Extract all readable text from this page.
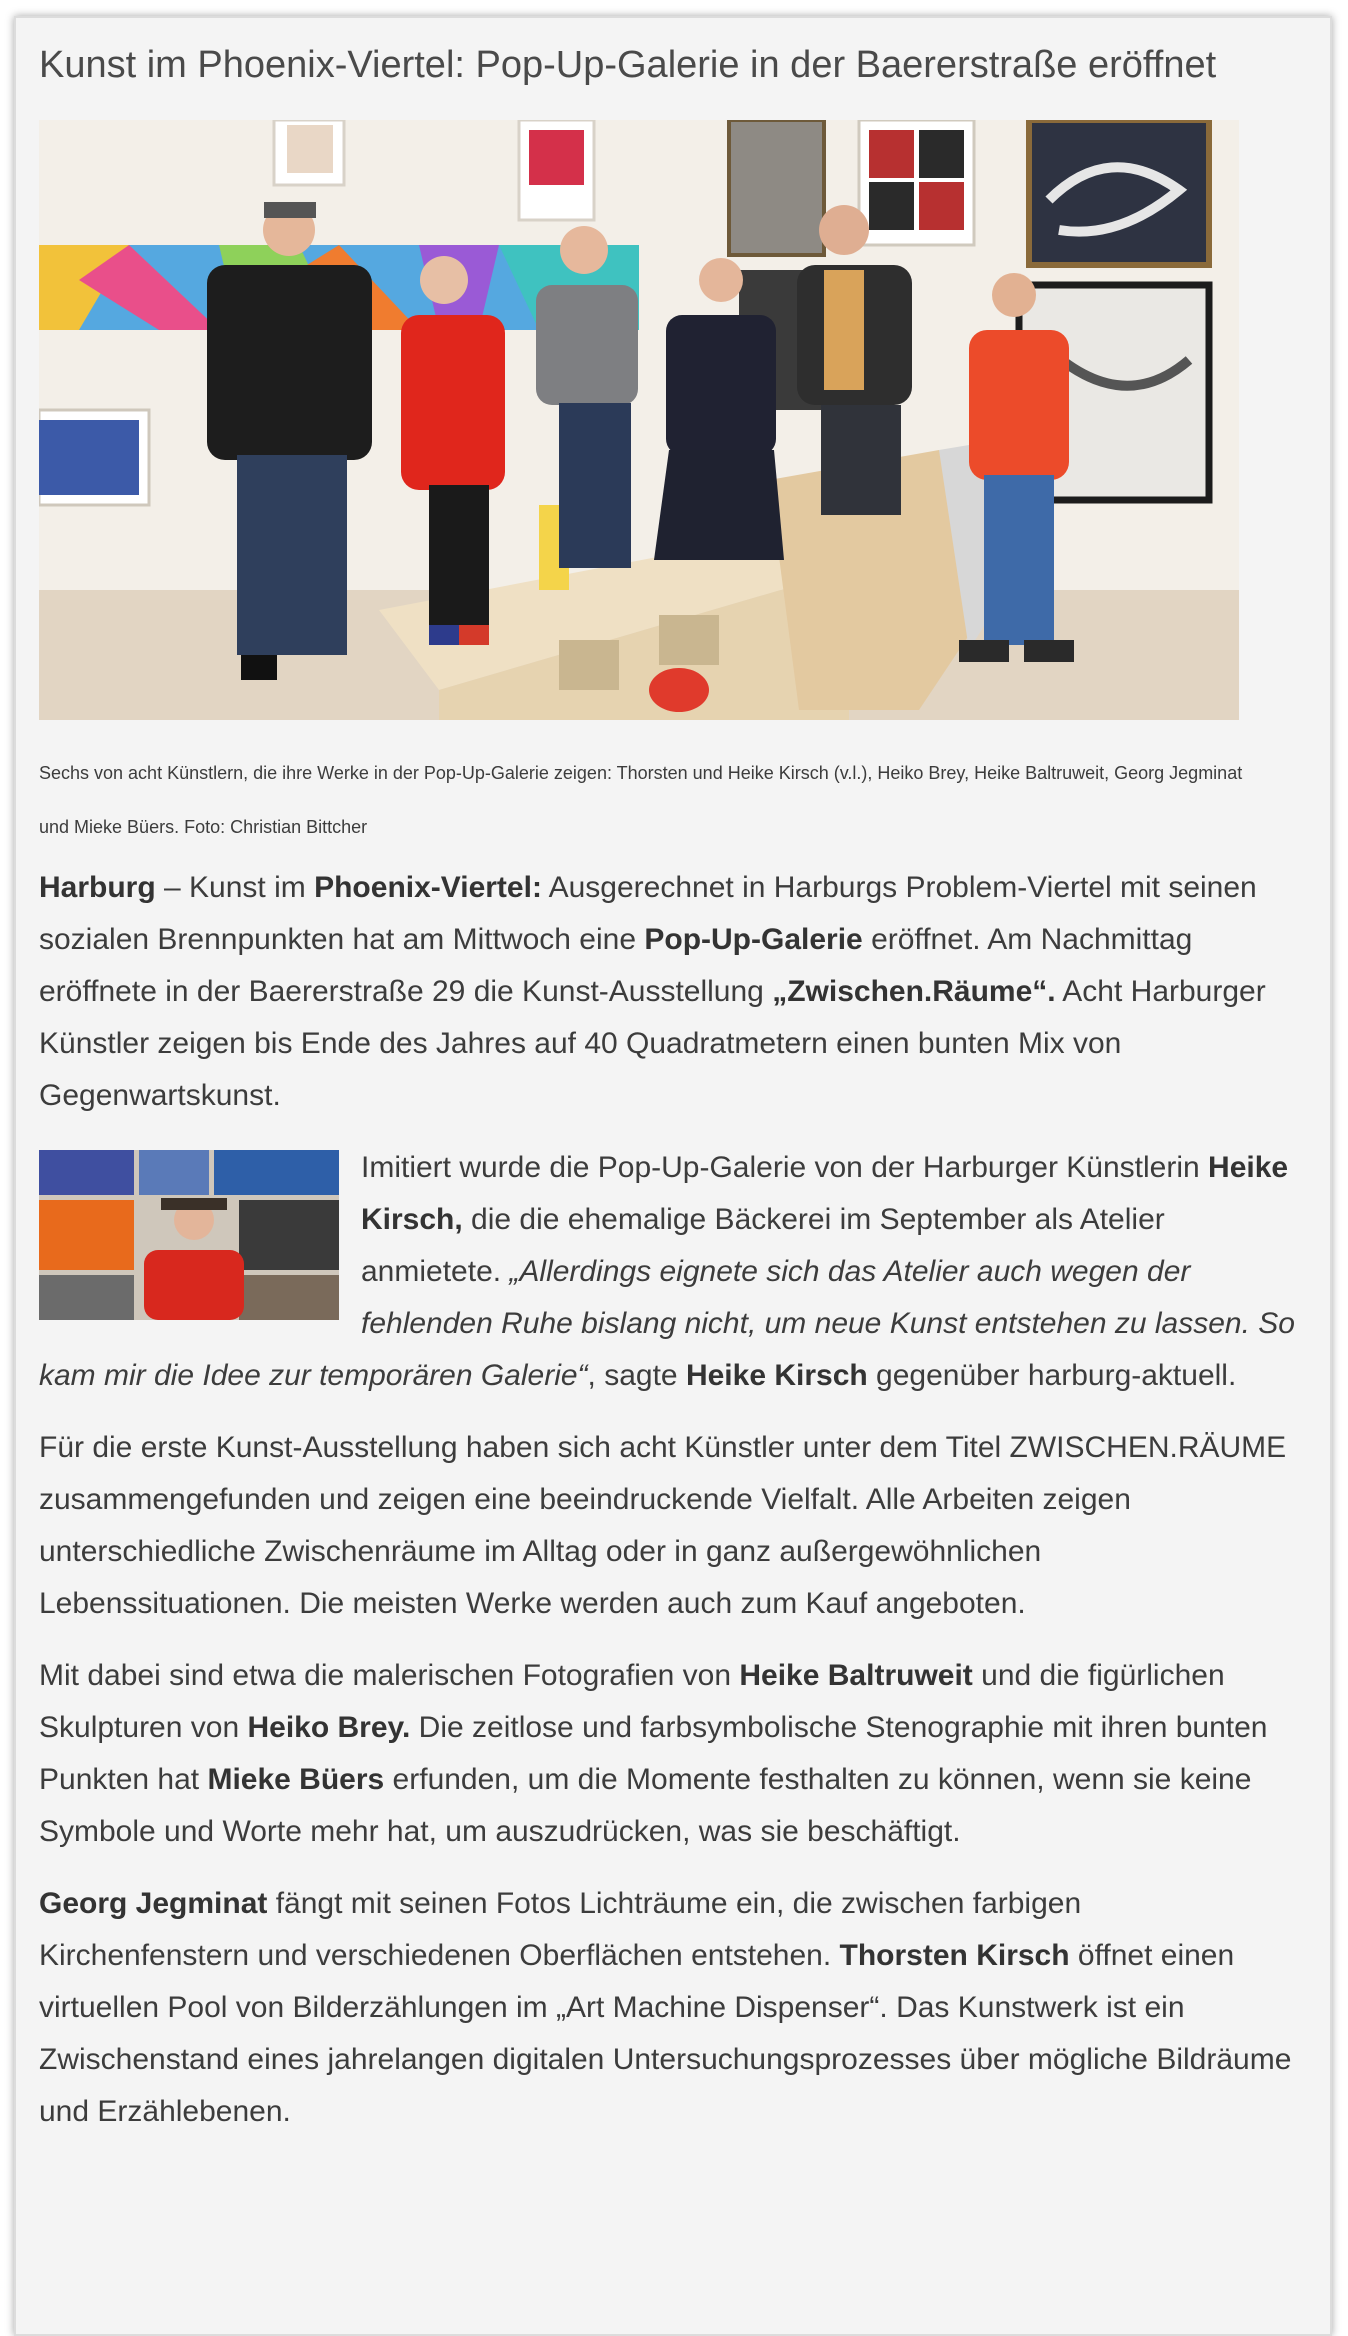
Kunst im Phoenix-Viertel: Pop-Up-Galerie in der Baererstraße eröffnet

Sechs von acht Künstlern, die ihre Werke in der Pop-Up-Galerie zeigen: Thorsten und Heike Kirsch (v.l.), Heiko Brey, Heike Baltruweit, Georg Jegminat und Mieke Büers. Foto: Christian Bittcher

Harburg – Kunst im Phoenix-Viertel: Ausgerechnet in Harburgs Problem-Viertel mit seinen sozialen Brennpunkten hat am Mittwoch eine Pop-Up-Galerie eröffnet. Am Nachmittag eröffnete in der Baererstraße 29 die Kunst-Ausstellung „Zwischen.Räume“. Acht Harburger Künstler zeigen bis Ende des Jahres auf 40 Quadratmetern einen bunten Mix von Gegenwartskunst.

Imitiert wurde die Pop-Up-Galerie von der Harburger Künstlerin Heike Kirsch, die die ehemalige Bäckerei im September als Atelier anmietete. „Allerdings eignete sich das Atelier auch wegen der fehlenden Ruhe bislang nicht, um neue Kunst entstehen zu lassen. So kam mir die Idee zur temporären Galerie“, sagte Heike Kirsch gegenüber harburg-aktuell.

Für die erste Kunst-Ausstellung haben sich acht Künstler unter dem Titel ZWISCHEN.RÄUME zusammengefunden und zeigen eine beeindruckende Vielfalt. Alle Arbeiten zeigen unterschiedliche Zwischenräume im Alltag oder in ganz außergewöhnlichen Lebenssituationen. Die meisten Werke werden auch zum Kauf angeboten.

Mit dabei sind etwa die malerischen Fotografien von Heike Baltruweit und die figürlichen Skulpturen von Heiko Brey. Die zeitlose und farbsymbolische Stenographie mit ihren bunten Punkten hat Mieke Büers erfunden, um die Momente festhalten zu können, wenn sie keine Symbole und Worte mehr hat, um auszudrücken, was sie beschäftigt.

Georg Jegminat fängt mit seinen Fotos Lichträume ein, die zwischen farbigen Kirchenfenstern und verschiedenen Oberflächen entstehen. Thorsten Kirsch öffnet einen virtuellen Pool von Bilderzählungen im „Art Machine Dispenser“. Das Kunstwerk ist ein Zwischenstand eines jahrelangen digitalen Untersuchungsprozesses über mögliche Bildräume und Erzählebenen.
